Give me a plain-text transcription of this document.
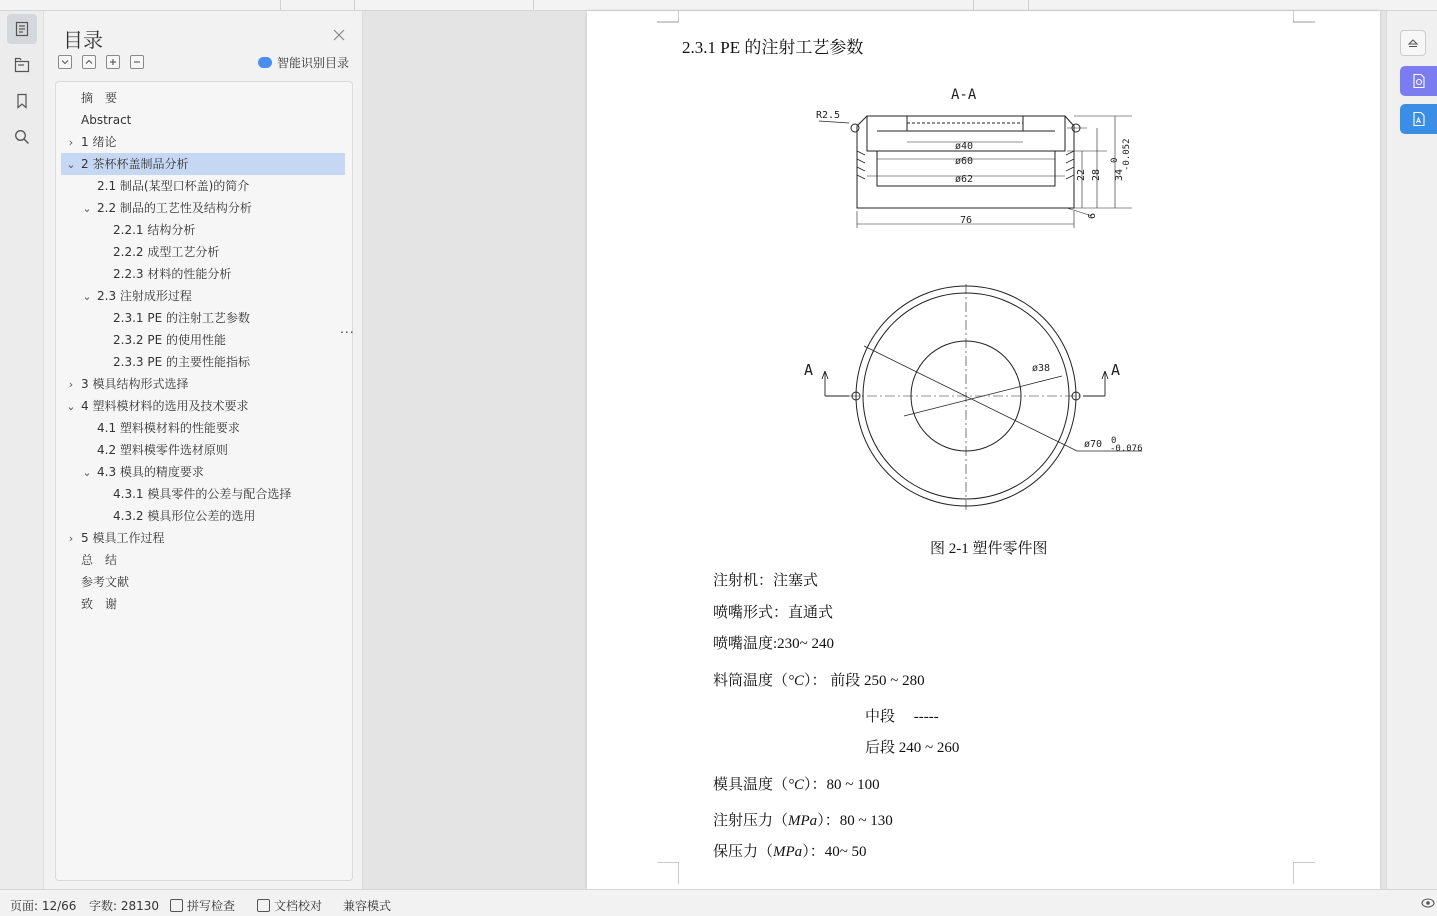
目录
智能识别目录
摘　要
Abstract
› 1 绪论
⌄ 2 茶杯杯盖制品分析
2.1 制品(某型口杯盖)的简介
⌄ 2.2 制品的工艺性及结构分析
2.2.1 结构分析
2.2.2 成型工艺分析
2.2.3 材料的性能分析
⌄ 2.3 注射成形过程
2.3.1 PE 的注射工艺参数
2.3.2 PE 的使用性能
2.3.3 PE 的主要性能指标
› 3 模具结构形式选择
⌄ 4 塑料模材料的选用及技术要求
4.1 塑料模材料的性能要求
4.2 塑料模零件选材原则
⌄ 4.3 模具的精度要求
4.3.1 模具零件的公差与配合选择
4.3.2 模具形位公差的选用
› 5 模具工作过程
总　结
参考文献
致　谢
...
2.3.1 PE 的注射工艺参数
A-A
R2.5
ø40
ø60
ø62
76
22 28 34
0 -0.052
6
ø38
ø70 0
-0.076
A	A
图 2-1 塑件零件图
注射机：注塞式
喷嘴形式：直通式
喷嘴温度:230~ 240
料筒温度（°C）： 前段 250 ~ 280
中段　 -----
后段 240 ~ 260
模具温度（°C）：80 ~ 100
注射压力（MPa）：80 ~ 130
保压力（MPa）：40~ 50
页面: 12/66 字数: 28130	拼写检查	文档校对 兼容模式
